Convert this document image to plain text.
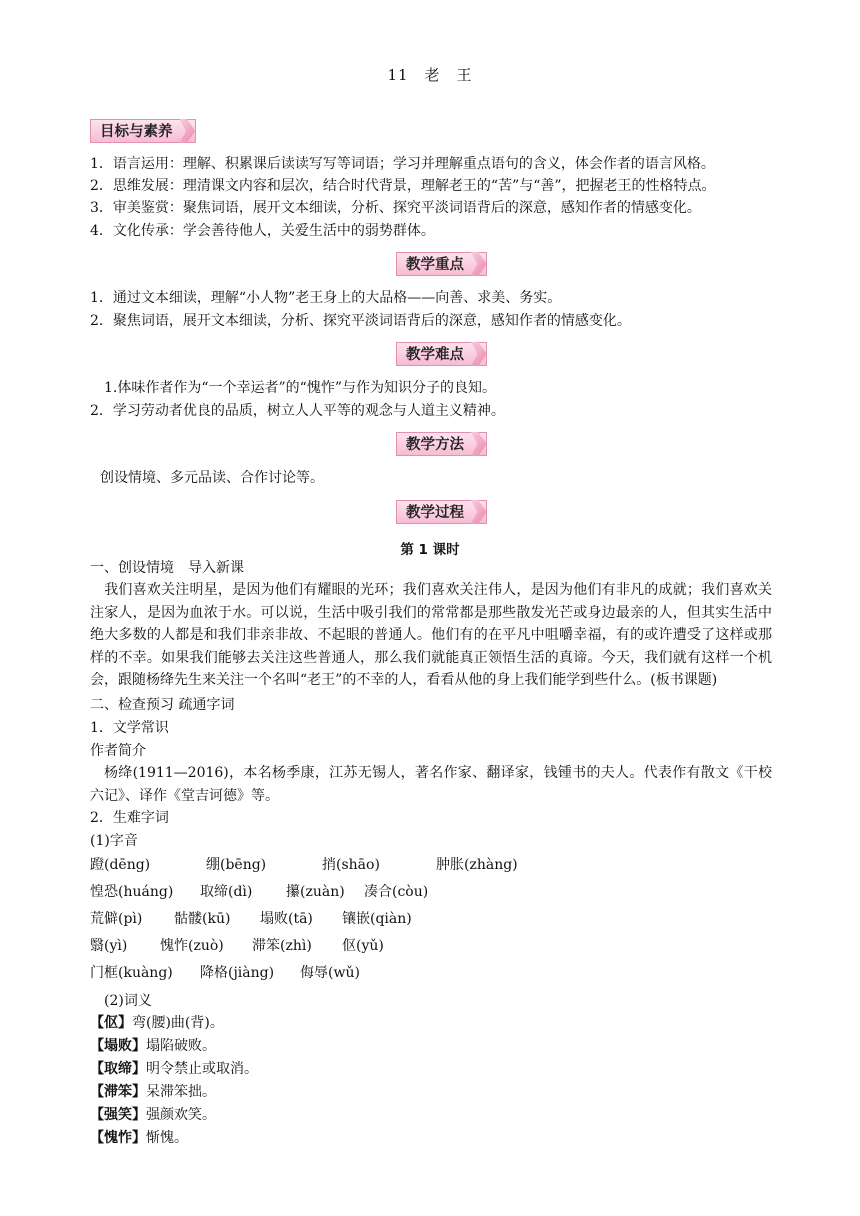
11　老　王
目标与素养
1．语言运用：理解、积累课后读读写写等词语；学习并理解重点语句的含义，体会作者的语言风格。
2．思维发展：理清课文内容和层次，结合时代背景，理解老王的“苦”与“善”，把握老王的性格特点。
3．审美鉴赏：聚焦词语，展开文本细读，分析、探究平淡词语背后的深意，感知作者的情感变化。
4．文化传承：学会善待他人，关爱生活中的弱势群体。
教学重点
1．通过文本细读，理解“小人物”老王身上的大品格——向善、求美、务实。
2．聚焦词语，展开文本细读，分析、探究平淡词语背后的深意，感知作者的情感变化。
教学难点
1.体味作者作为“一个幸运者”的“愧怍”与作为知识分子的良知。
2．学习劳动者优良的品质，树立人人平等的观念与人道主义精神。
教学方法
创设情境、多元品读、合作讨论等。
教学过程
第 1 课时
一、创设情境　导入新课
我们喜欢关注明星，是因为他们有耀眼的光环；我们喜欢关注伟人，是因为他们有非凡的成就；我们喜欢关注家人，是因为血浓于水。可以说，生活中吸引我们的常常都是那些散发光芒或身边最亲的人，但其实生活中绝大多数的人都是和我们非亲非故、不起眼的普通人。他们有的在平凡中咀嚼幸福，有的或许遭受了这样或那样的不幸。如果我们能够去关注这些普通人，那么我们就能真正领悟生活的真谛。今天，我们就有这样一个机会，跟随杨绛先生来关注一个名叫“老王”的不幸的人，看看从他的身上我们能学到些什么。(板书课题)
二、检查预习 疏通字词
1．文学常识
作者简介
杨绛(1911—2016)，本名杨季康，江苏无锡人，著名作家、翻译家，钱锺书的夫人。代表作有散文《干校六记》、译作《堂吉诃德》等。
2．生难字词
(1)字音
蹬(dēng)	绷(bēng)	捎(shāo)	肿胀(zhàng)
惶恐(huáng) 取缔(dì) 攥(zuàn) 凑合(còu)
荒僻(pì) 骷髅(kū) 塌败(tā) 镶嵌(qiàn)
翳(yì) 愧怍(zuò) 滞笨(zhì) 伛(yǔ)
门框(kuàng) 降格(jiàng) 侮辱(wǔ)
(2)词义
【伛】弯(腰)曲(背)。
【塌败】塌陷破败。
【取缔】明令禁止或取消。
【滞笨】呆滞笨拙。
【强笑】强颜欢笑。
【愧怍】惭愧。
